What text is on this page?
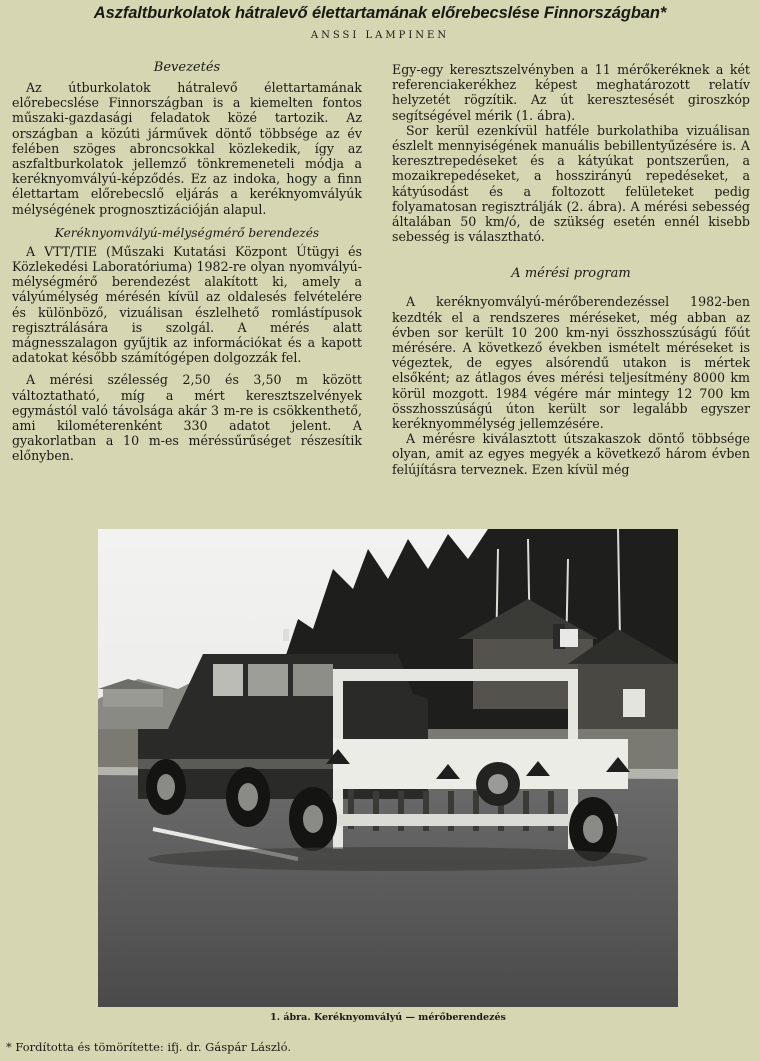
Aszfaltburkolatok hátralevő élettartamának előrebecslése Finnországban*
ANSSI LAMPINEN
Bevezetés

Az útburkolatok hátralevő élettartamának előrebecslése Finnországban is a kiemelten fontos műszaki-gazdasági feladatok közé tartozik. Az országban a közúti járművek döntő többsége az év felében szöges abroncsokkal közlekedik, így az aszfaltburkolatok jellemző tönkremeneteli módja a keréknyomvályú-képződés. Ez az indoka, hogy a finn élettartam előrebecslő eljárás a keréknyomvályúk mélységének prognosztizációján alapul.

Keréknyomvályú-mélységmérő berendezés

A VTT/TIE (Műszaki Kutatási Központ Útügyi és Közlekedési Laboratóriuma) 1982-re olyan nyomvályú-mélységmérő berendezést alakított ki, amely a vályúmélység mérésén kívül az oldalesés felvételére és különböző, vizuálisan észlelhető romlástípusok regisztrálására is szolgál. A mérés alatt mágnesszalagon gyűjtik az információkat és a kapott adatokat később számítógépen dolgozzák fel.

A mérési szélesség 2,50 és 3,50 m között változtatható, míg a mért keresztszelvények egymástól való távolsága akár 3 m-re is csökkenthető, ami kilométerenként 330 adatot jelent. A gyakorlatban a 10 m-es méréssűrűséget részesítik előnyben.

Egy-egy keresztszelvényben a 11 mérőkeréknek a két referenciakerékhez képest meghatározott relatív helyzetét rögzítik. Az út keresztesését giroszkóp segítségével mérik (1. ábra).

Sor kerül ezenkívül hatféle burkolathiba vizuálisan észlelt mennyiségének manuális bebillentyűzésére is. A keresztrepedéseket és a kátyúkat pontszerűen, a mozaikrepedéseket, a hosszirányú repedéseket, a kátyúsodást és a foltozott felületeket pedig folyamatosan regisztrálják (2. ábra). A mérési sebesség általában 50 km/ó, de szükség esetén ennél kisebb sebesség is választható.

A mérési program

A keréknyomvályú-mérőberendezéssel 1982-ben kezdték el a rendszeres méréseket, még abban az évben sor került 10 200 km-nyi összhosszúságú főút mérésére. A következő években ismételt méréseket is végeztek, de egyes alsórendű utakon is mértek elsőként; az átlagos éves mérési teljesítmény 8000 km körül mozgott. 1984 végére már mintegy 12 700 km összhosszúságú úton került sor legalább egyszer keréknyommélység jellemzésére.

A mérésre kiválasztott útszakaszok döntő többsége olyan, amit az egyes megyék a következő három évben felújításra terveznek. Ezen kívül még

1. ábra. Keréknyomvályú — mérőberendezés
* Fordította és tömörítette: ifj. dr. Gáspár László.
